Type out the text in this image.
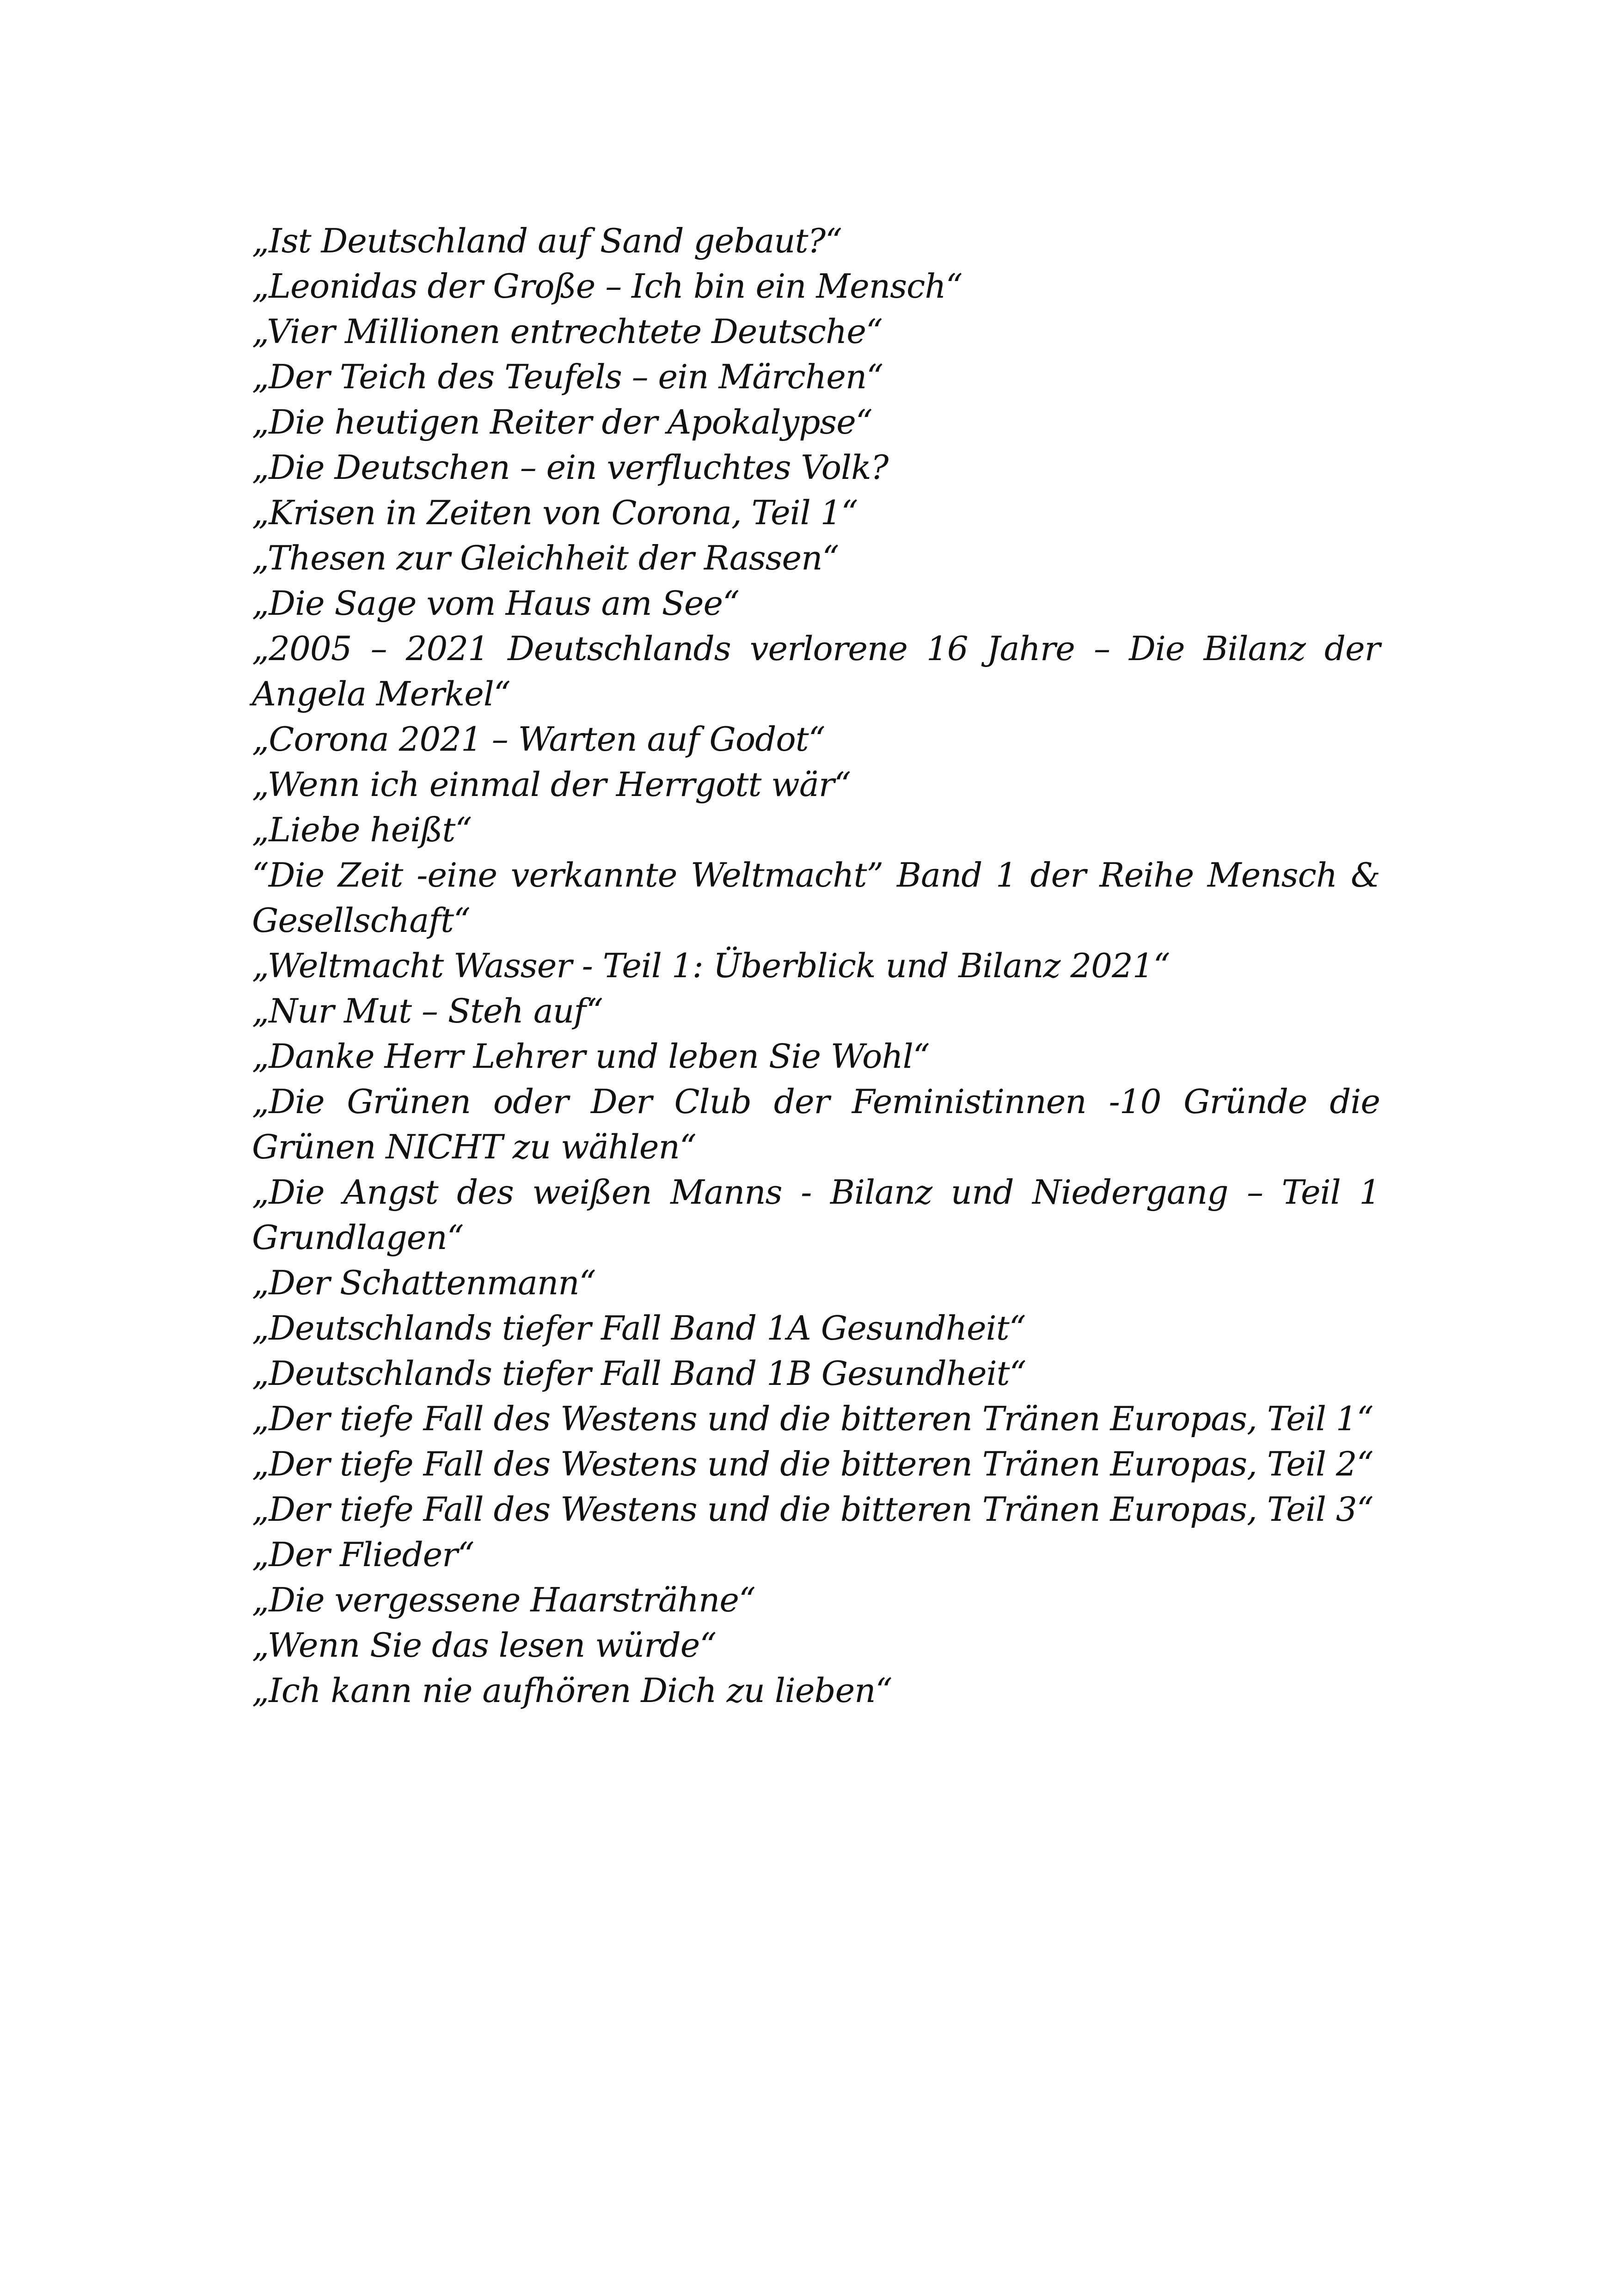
„Ist Deutschland auf Sand gebaut?“
„Leonidas der Große – Ich bin ein Mensch“
„Vier Millionen entrechtete Deutsche“
„Der Teich des Teufels – ein Märchen“
„Die heutigen Reiter der Apokalypse“
„Die Deutschen – ein verfluchtes Volk?
„Krisen in Zeiten von Corona, Teil 1“
„Thesen zur Gleichheit der Rassen“
„Die Sage vom Haus am See“
„2005 – 2021 Deutschlands verlorene 16 Jahre – Die Bilanz der Angela Merkel“
„Corona 2021 – Warten auf Godot“
„Wenn ich einmal der Herrgott wär“
„Liebe heißt“
“Die Zeit -eine verkannte Weltmacht” Band 1 der Reihe Mensch & Gesellschaft“
„Weltmacht Wasser - Teil 1: Überblick und Bilanz 2021“
„Nur Mut – Steh auf“
„Danke Herr Lehrer und leben Sie Wohl“
„Die Grünen oder Der Club der Feministinnen -10 Gründe die Grünen NICHT zu wählen“
„Die Angst des weißen Manns - Bilanz und Niedergang – Teil 1 Grundlagen“
„Der Schattenmann“
„Deutschlands tiefer Fall Band 1A Gesundheit“
„Deutschlands tiefer Fall Band 1B Gesundheit“
„Der tiefe Fall des Westens und die bitteren Tränen Europas, Teil 1“
„Der tiefe Fall des Westens und die bitteren Tränen Europas, Teil 2“
„Der tiefe Fall des Westens und die bitteren Tränen Europas, Teil 3“
„Der Flieder“
„Die vergessene Haarsträhne“
„Wenn Sie das lesen würde“
„Ich kann nie aufhören Dich zu lieben“
